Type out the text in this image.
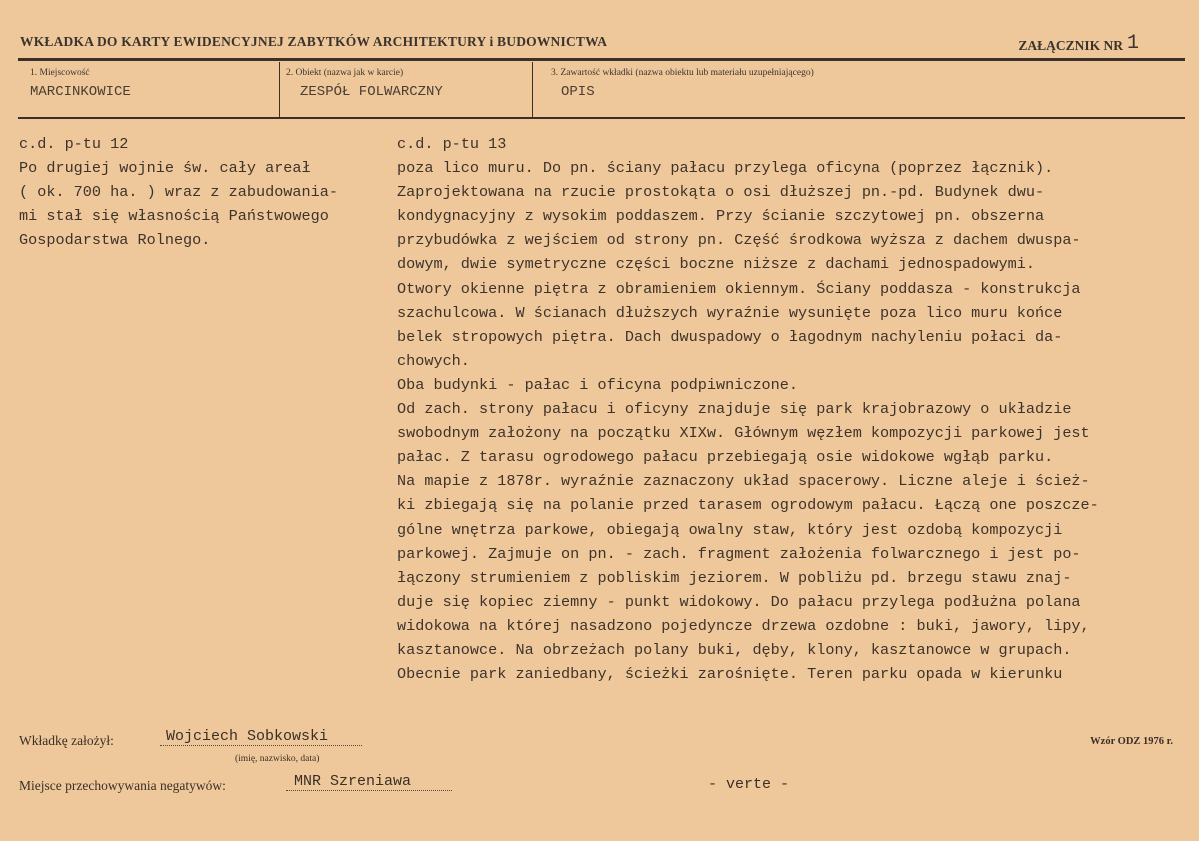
WKŁADKA DO KARTY EWIDENCYJNEJ ZABYTKÓW ARCHITEKTURY i BUDOWNICTWA	ZAŁĄCZNIK NR 1
1. Miejscowość
MARCINKOWICE
2. Obiekt (nazwa jak w karcie)
ZESPÓŁ FOLWARCZNY
3. Zawartość wkładki (nazwa obiektu lub materiału uzupełniającego)
OPIS
c.d. p-tu 12
Po drugiej wojnie św. cały areał
( ok. 700 ha. ) wraz z zabudowania-
mi stał się własnością Państwowego
Gospodarstwa Rolnego.
c.d. p-tu 13
poza lico muru. Do pn. ściany pałacu przylega oficyna (poprzez łącznik).
Zaprojektowana na rzucie prostokąta o osi dłuższej pn.-pd. Budynek dwu-
kondygnacyjny z wysokim poddaszem. Przy ścianie szczytowej pn. obszerna
przybudówka z wejściem od strony pn. Część środkowa wyższa z dachem dwuspa-
dowym, dwie symetryczne części boczne niższe z dachami jednospadowymi.
Otwory okienne piętra z obramieniem okiennym. Ściany poddasza - konstrukcja
szachulcowa. W ścianach dłuższych wyraźnie wysunięte poza lico muru końce
belek stropowych piętra. Dach dwuspadowy o łagodnym nachyleniu połaci da-
chowych.
Oba budynki - pałac i oficyna podpiwniczone.
Od zach. strony pałacu i oficyny znajduje się park krajobrazowy o układzie
swobodnym założony na początku XIXw. Głównym węzłem kompozycji parkowej jest
pałac. Z tarasu ogrodowego pałacu przebiegają osie widokowe wgłąb parku.
Na mapie z 1878r. wyraźnie zaznaczony układ spacerowy. Liczne aleje i ścież-
ki zbiegają się na polanie przed tarasem ogrodowym pałacu. Łączą one poszcze-
gólne wnętrza parkowe, obiegają owalny staw, który jest ozdobą kompozycji
parkowej. Zajmuje on pn. - zach. fragment założenia folwarcznego i jest po-
łączony strumieniem z pobliskim jeziorem. W pobliżu pd. brzegu stawu znaj-
duje się kopiec ziemny - punkt widokowy. Do pałacu przylega podłużna polana
widokowa na której nasadzono pojedyncze drzewa ozdobne : buki, jawory, lipy,
kasztanowce. Na obrzeżach polany buki, dęby, klony, kasztanowce w grupach.
Obecnie park zaniedbany, ścieżki zarośnięte. Teren parku opada w kierunku
Wkładkę założył:	Wojciech Sobkowski
(imię, nazwisko, data)
Wzór ODZ 1976 r.
Miejsce przechowywania negatywów:	MNR Szreniawa	- verte -
